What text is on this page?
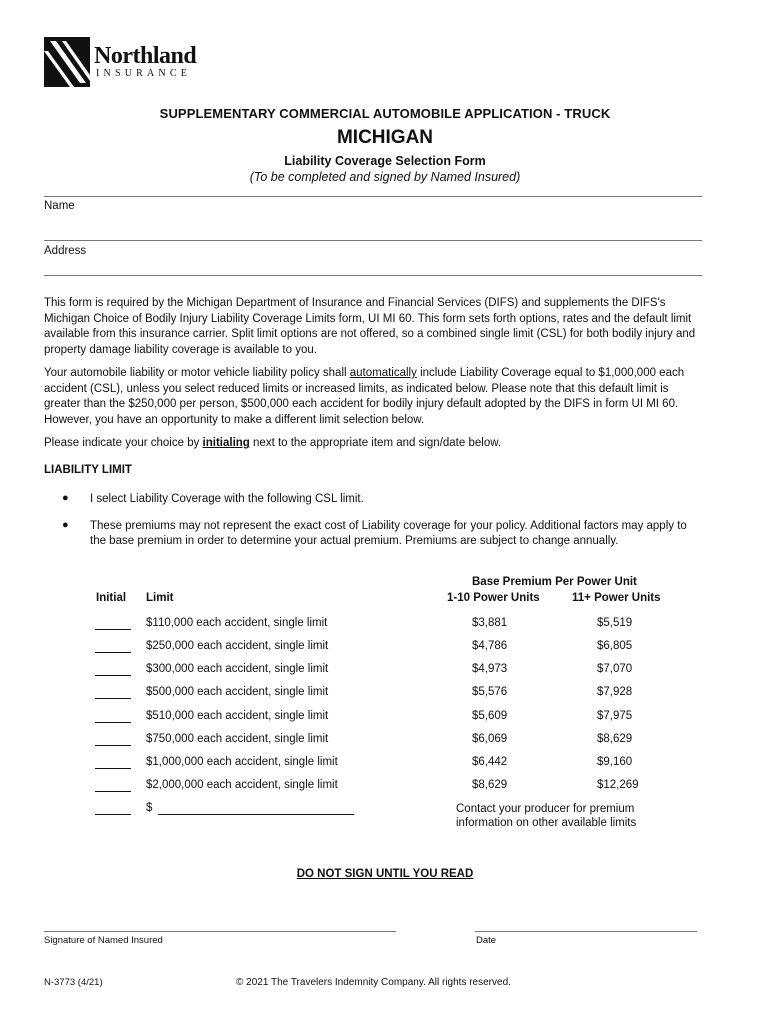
Northland
INSURANCE
SUPPLEMENTARY COMMERCIAL AUTOMOBILE APPLICATION - TRUCK
MICHIGAN
Liability Coverage Selection Form
(To be completed and signed by Named Insured)
Name
Address
This form is required by the Michigan Department of Insurance and Financial Services (DIFS) and supplements the DIFS's Michigan Choice of Bodily Injury Liability Coverage Limits form, UI MI 60. This form sets forth options, rates and the default limit available from this insurance carrier. Split limit options are not offered, so a combined single limit (CSL) for both bodily injury and property damage liability coverage is available to you.
Your automobile liability or motor vehicle liability policy shall automatically include Liability Coverage equal to $1,000,000 each accident (CSL), unless you select reduced limits or increased limits, as indicated below. Please note that this default limit is greater than the $250,000 per person, $500,000 each accident for bodily injury default adopted by the DIFS in form UI MI 60. However, you have an opportunity to make a different limit selection below.
Please indicate your choice by initialing next to the appropriate item and sign/date below.
LIABILITY LIMIT
● I select Liability Coverage with the following CSL limit.
● These premiums may not represent the exact cost of Liability coverage for your policy. Additional factors may apply to the base premium in order to determine your actual premium. Premiums are subject to change annually.
Base Premium Per Power Unit
Initial Limit	1-10 Power Units	11+ Power Units
$110,000 each accident, single limit	$3,881	$5,519
$250,000 each accident, single limit	$4,786	$6,805
$300,000 each accident, single limit	$4,973	$7,070
$500,000 each accident, single limit	$5,576	$7,928
$510,000 each accident, single limit	$5,609	$7,975
$750,000 each accident, single limit	$6,069	$8,629
$1,000,000 each accident, single limit	$6,442	$9,160
$2,000,000 each accident, single limit	$8,629	$12,269
$	Contact your producer for premium information on other available limits
DO NOT SIGN UNTIL YOU READ
Signature of Named Insured	Date
N-3773 (4/21)	© 2021 The Travelers Indemnity Company. All rights reserved.
